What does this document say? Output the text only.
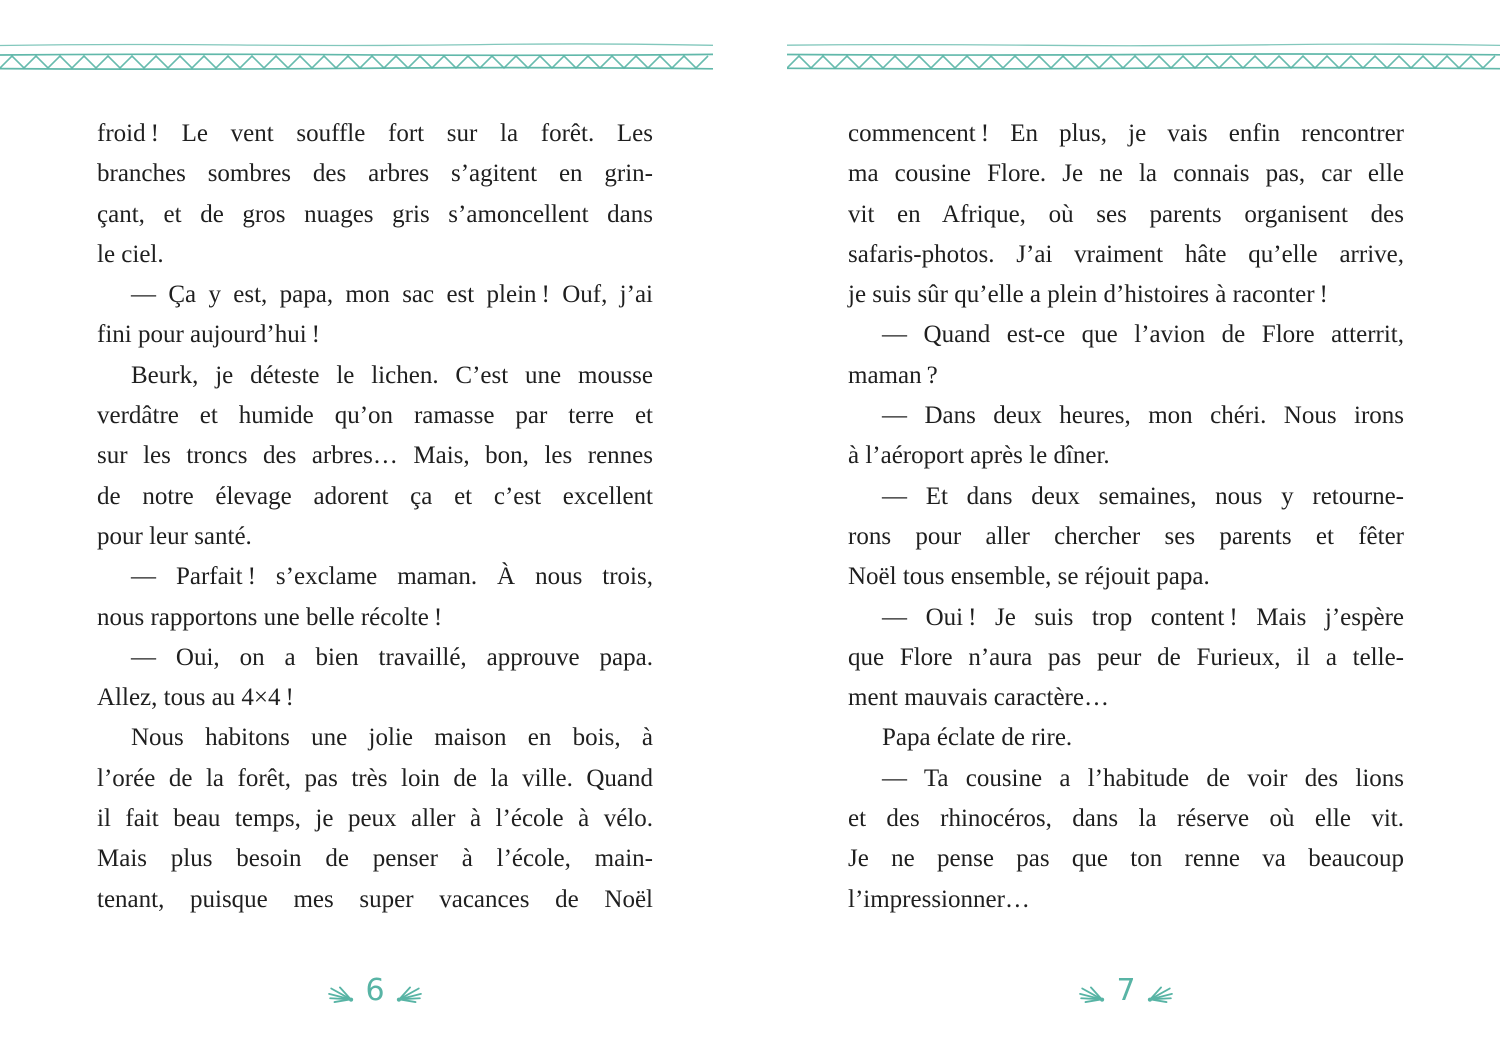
froid ! Le vent souffle fort sur la forêt. Les
branches sombres des arbres s’agitent en grin-
çant, et de gros nuages gris s’amoncellent dans
le ciel.
— Ça y est, papa, mon sac est plein ! Ouf, j’ai
fini pour aujourd’hui !
Beurk, je déteste le lichen. C’est une mousse
verdâtre et humide qu’on ramasse par terre et
sur les troncs des arbres… Mais, bon, les rennes
de notre élevage adorent ça et c’est excellent
pour leur santé.
— Parfait ! s’exclame maman. À nous trois,
nous rapportons une belle récolte !
— Oui, on a bien travaillé, approuve papa.
Allez, tous au 4×4 !
Nous habitons une jolie maison en bois, à
l’orée de la forêt, pas très loin de la ville. Quand
il fait beau temps, je peux aller à l’école à vélo.
Mais plus besoin de penser à l’école, main-
tenant, puisque mes super vacances de Noël
6
commencent ! En plus, je vais enfin rencontrer
ma cousine Flore. Je ne la connais pas, car elle
vit en Afrique, où ses parents organisent des
safaris-photos. J’ai vraiment hâte qu’elle arrive,
je suis sûr qu’elle a plein d’histoires à raconter !
— Quand est-ce que l’avion de Flore atterrit,
maman ?
— Dans deux heures, mon chéri. Nous irons
à l’aéroport après le dîner.
— Et dans deux semaines, nous y retourne-
rons pour aller chercher ses parents et fêter
Noël tous ensemble, se réjouit papa.
— Oui ! Je suis trop content ! Mais j’espère
que Flore n’aura pas peur de Furieux, il a telle-
ment mauvais caractère…
Papa éclate de rire.
— Ta cousine a l’habitude de voir des lions
et des rhinocéros, dans la réserve où elle vit.
Je ne pense pas que ton renne va beaucoup
l’impressionner…
7
